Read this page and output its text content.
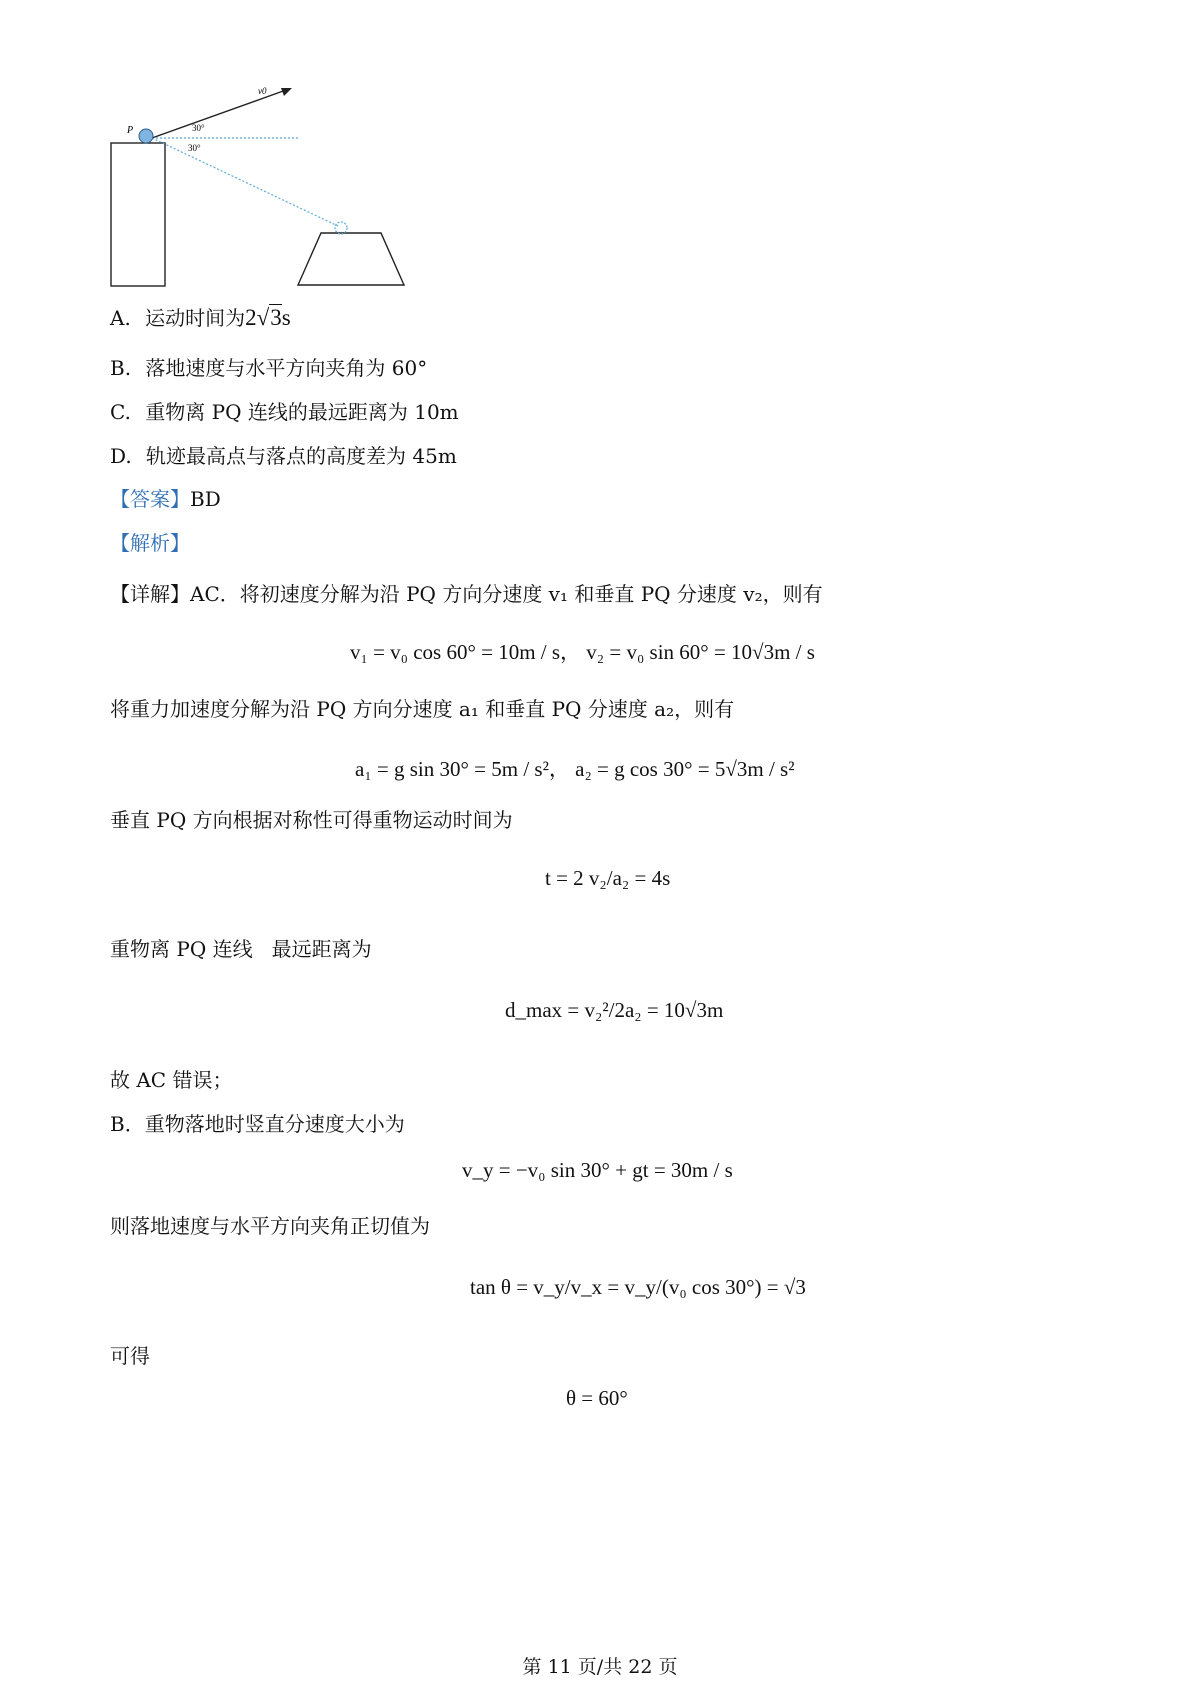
v0
P	30°
30°
A. 运动时间为2√3s
B. 落地速度与水平方向夹角为 60°
C. 重物离 PQ 连线的最远距离为 10m
D. 轨迹最高点与落点的高度差为 45m
【答案】BD
【解析】
【详解】AC．将初速度分解为沿 PQ 方向分速度 v₁ 和垂直 PQ 分速度 v₂，则有
v₁ = v₀ cos 60° = 10m / s， v₂ = v₀ sin 60° = 10√3m / s
将重力加速度分解为沿 PQ 方向分速度 a₁ 和垂直 PQ 分速度 a₂，则有
a₁ = g sin 30° = 5m / s²， a₂ = g cos 30° = 5√3m / s²
垂直 PQ 方向根据对称性可得重物运动时间为
t = 2 v₂/a₂ = 4s
重物离 PQ 连线   最远距离为
d_max = v₂²/2a₂ = 10√3m
故 AC 错误；
B．重物落地时竖直分速度大小为
v_y = −v₀ sin 30° + gt = 30m / s
则落地速度与水平方向夹角正切值为
tan θ = v_y/v_x = v_y/(v₀ cos 30°) = √3
可得
θ = 60°
第 11 页/共 22 页
